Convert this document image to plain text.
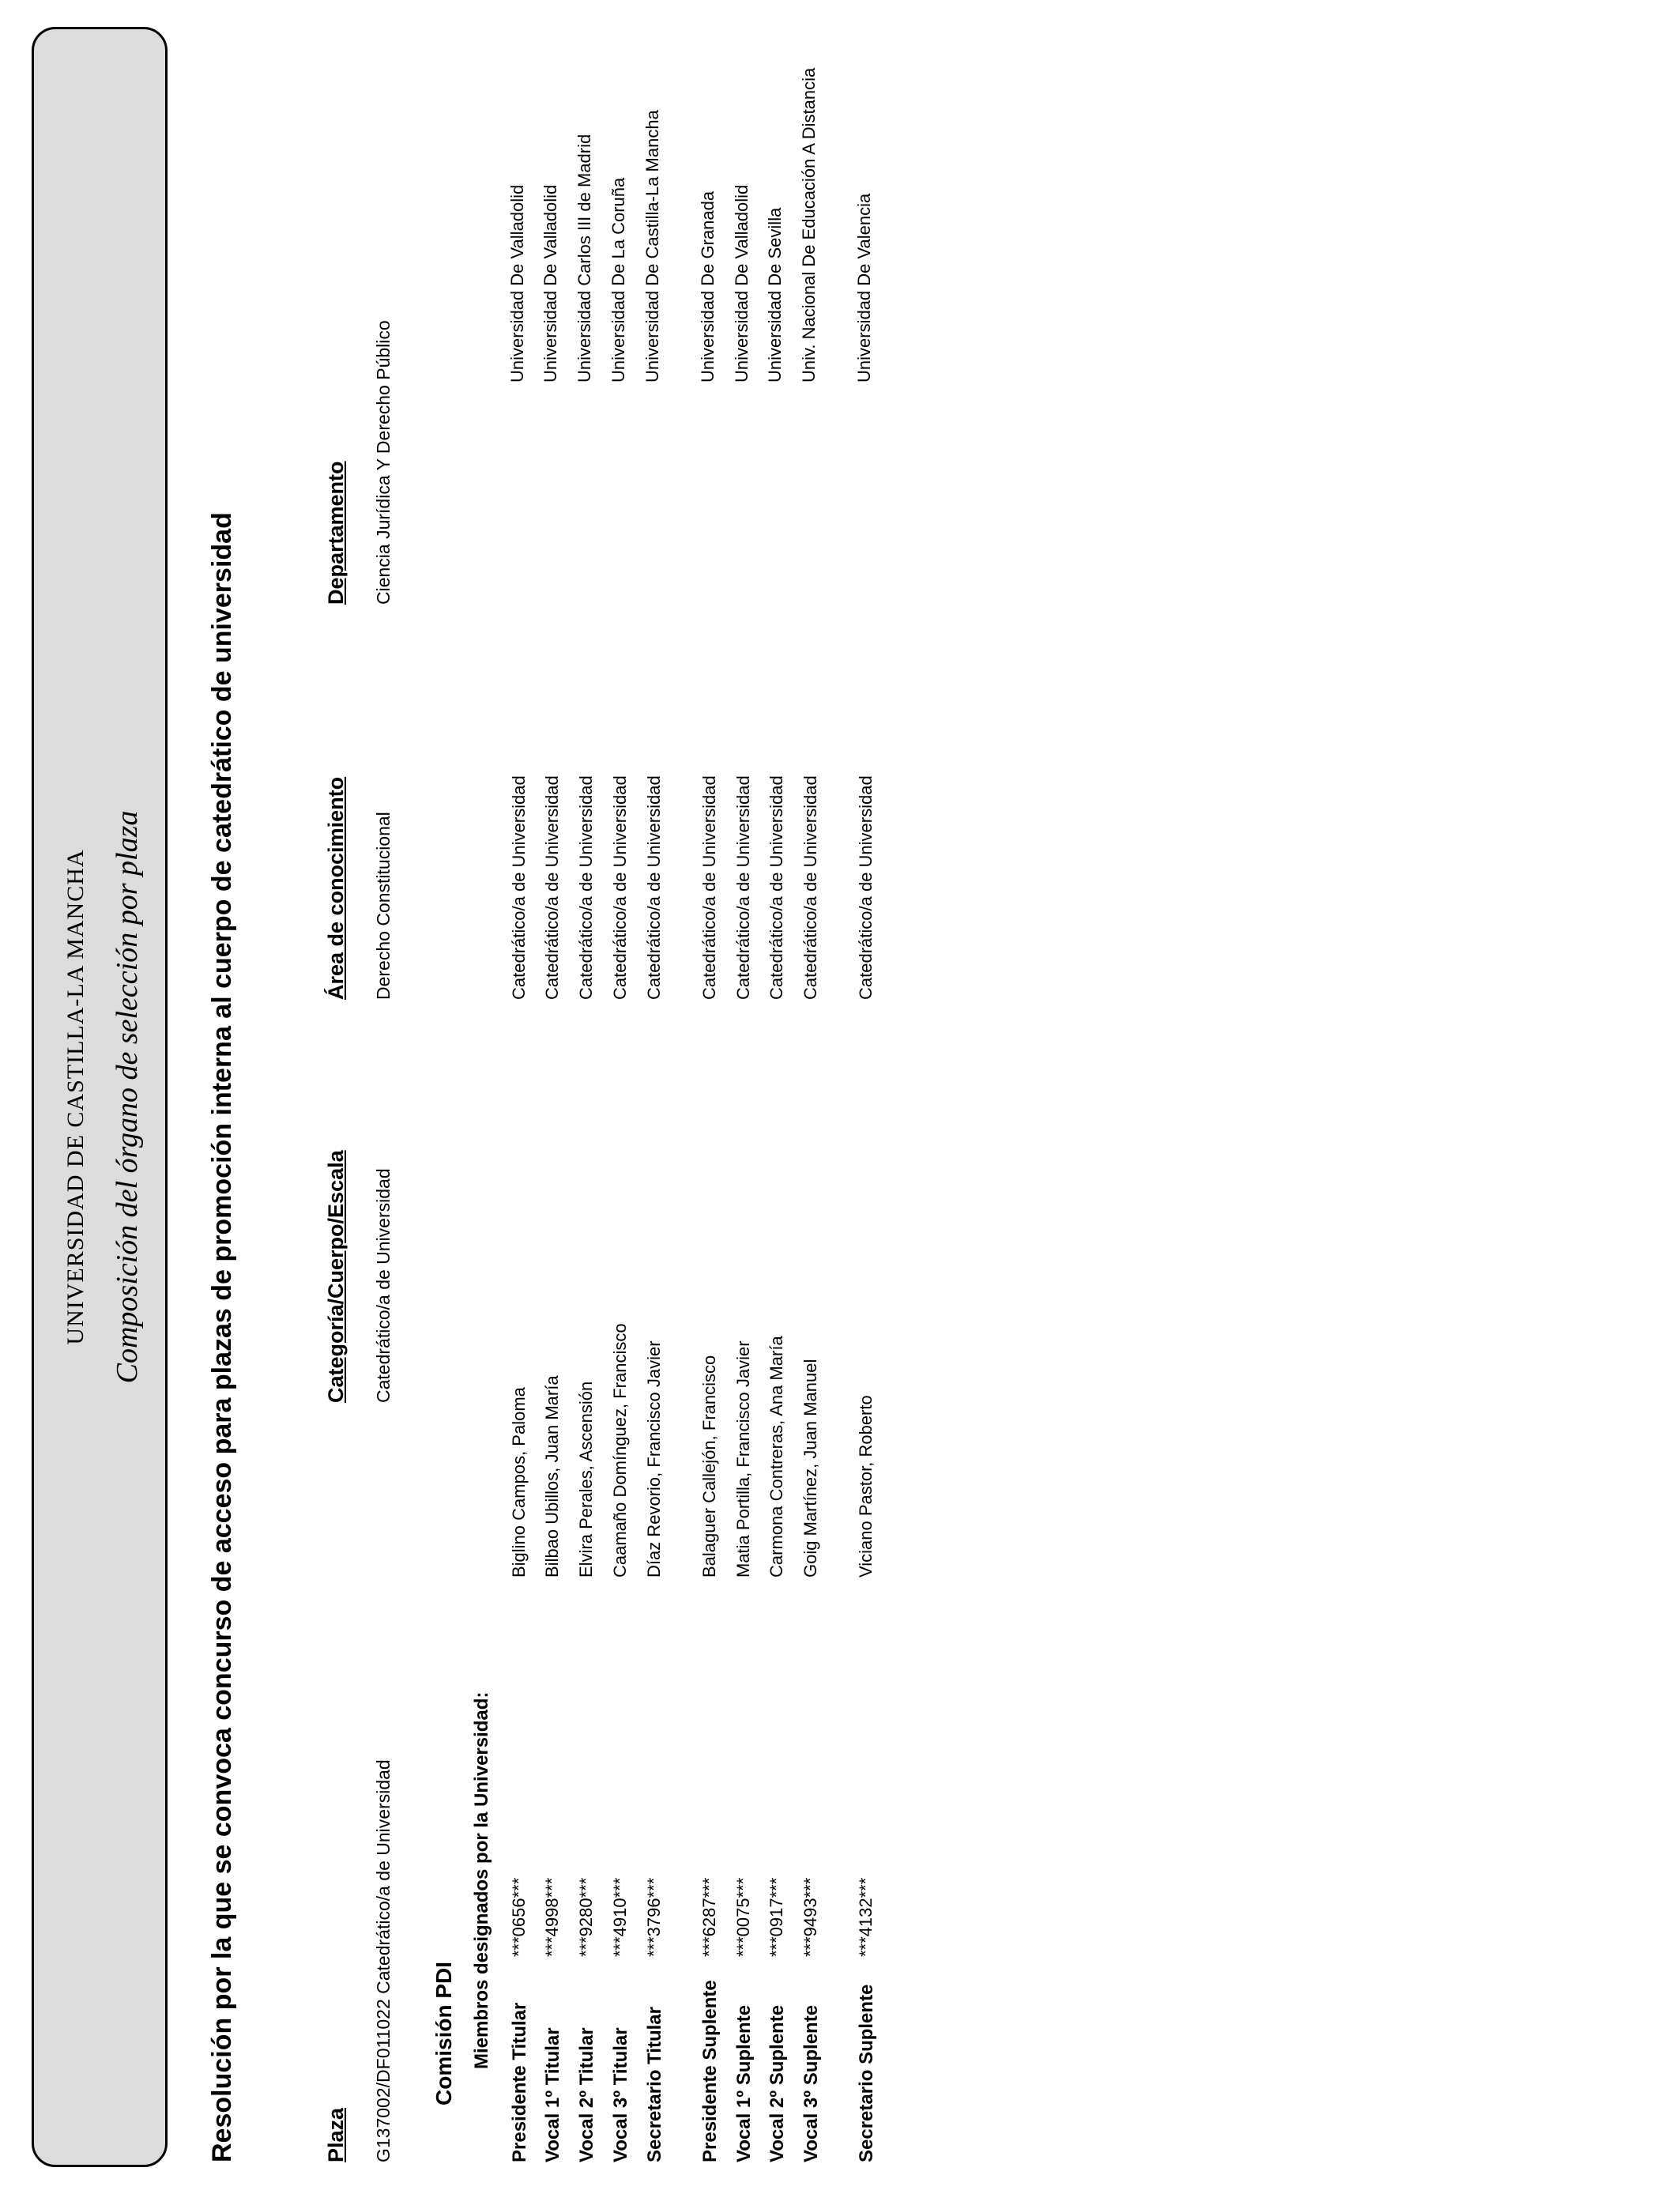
UNIVERSIDAD DE CASTILLA-LA MANCHA Composición del órgano de selección por plaza Resolución por la que se convoca concurso de acceso para plazas de promoción interna al cuerpo de catedrático de universidad	Plaza
Categoría/Cuerpo/Escala
Área de conocimiento
Departamento
G137002/DF011022 Catedrático/a de Universidad
Catedrático/a de Universidad
Derecho Constitucional
Ciencia Jurídica Y Derecho Público
Comisión PDI Miembros designados por la Universidad:
Presidente Titular
***0656***
Biglino Campos, Paloma
Catedrático/a de Universidad
Universidad De Valladolid
Vocal 1º Titular
***4998***
Bilbao Ubillos, Juan María
Catedrático/a de Universidad
Universidad De Valladolid
Vocal 2º Titular
***9280***
Elvira Perales, Ascensión
Catedrático/a de Universidad
Universidad Carlos III de Madrid
Vocal 3º Titular
***4910***
Caamaño Domínguez, Francisco
Catedrático/a de Universidad
Universidad De La Coruña
Secretario Titular
***3796***
Díaz Revorio, Francisco Javier
Catedrático/a de Universidad
Universidad De Castilla-La Mancha
Presidente Suplente
***6287***
Balaguer Callejón, Francisco
Catedrático/a de Universidad
Universidad De Granada
Vocal 1º Suplente
***0075***
Matia Portilla, Francisco Javier
Catedrático/a de Universidad
Universidad De Valladolid
Vocal 2º Suplente
***0917***
Carmona Contreras, Ana María
Catedrático/a de Universidad
Universidad De Sevilla
Vocal 3º Suplente
***9493***
Goig Martínez, Juan Manuel
Catedrático/a de Universidad
Univ. Nacional De Educación A Distancia
Secretario Suplente
***4132***
Viciano Pastor, Roberto
Catedrático/a de Universidad
Universidad De Valencia
